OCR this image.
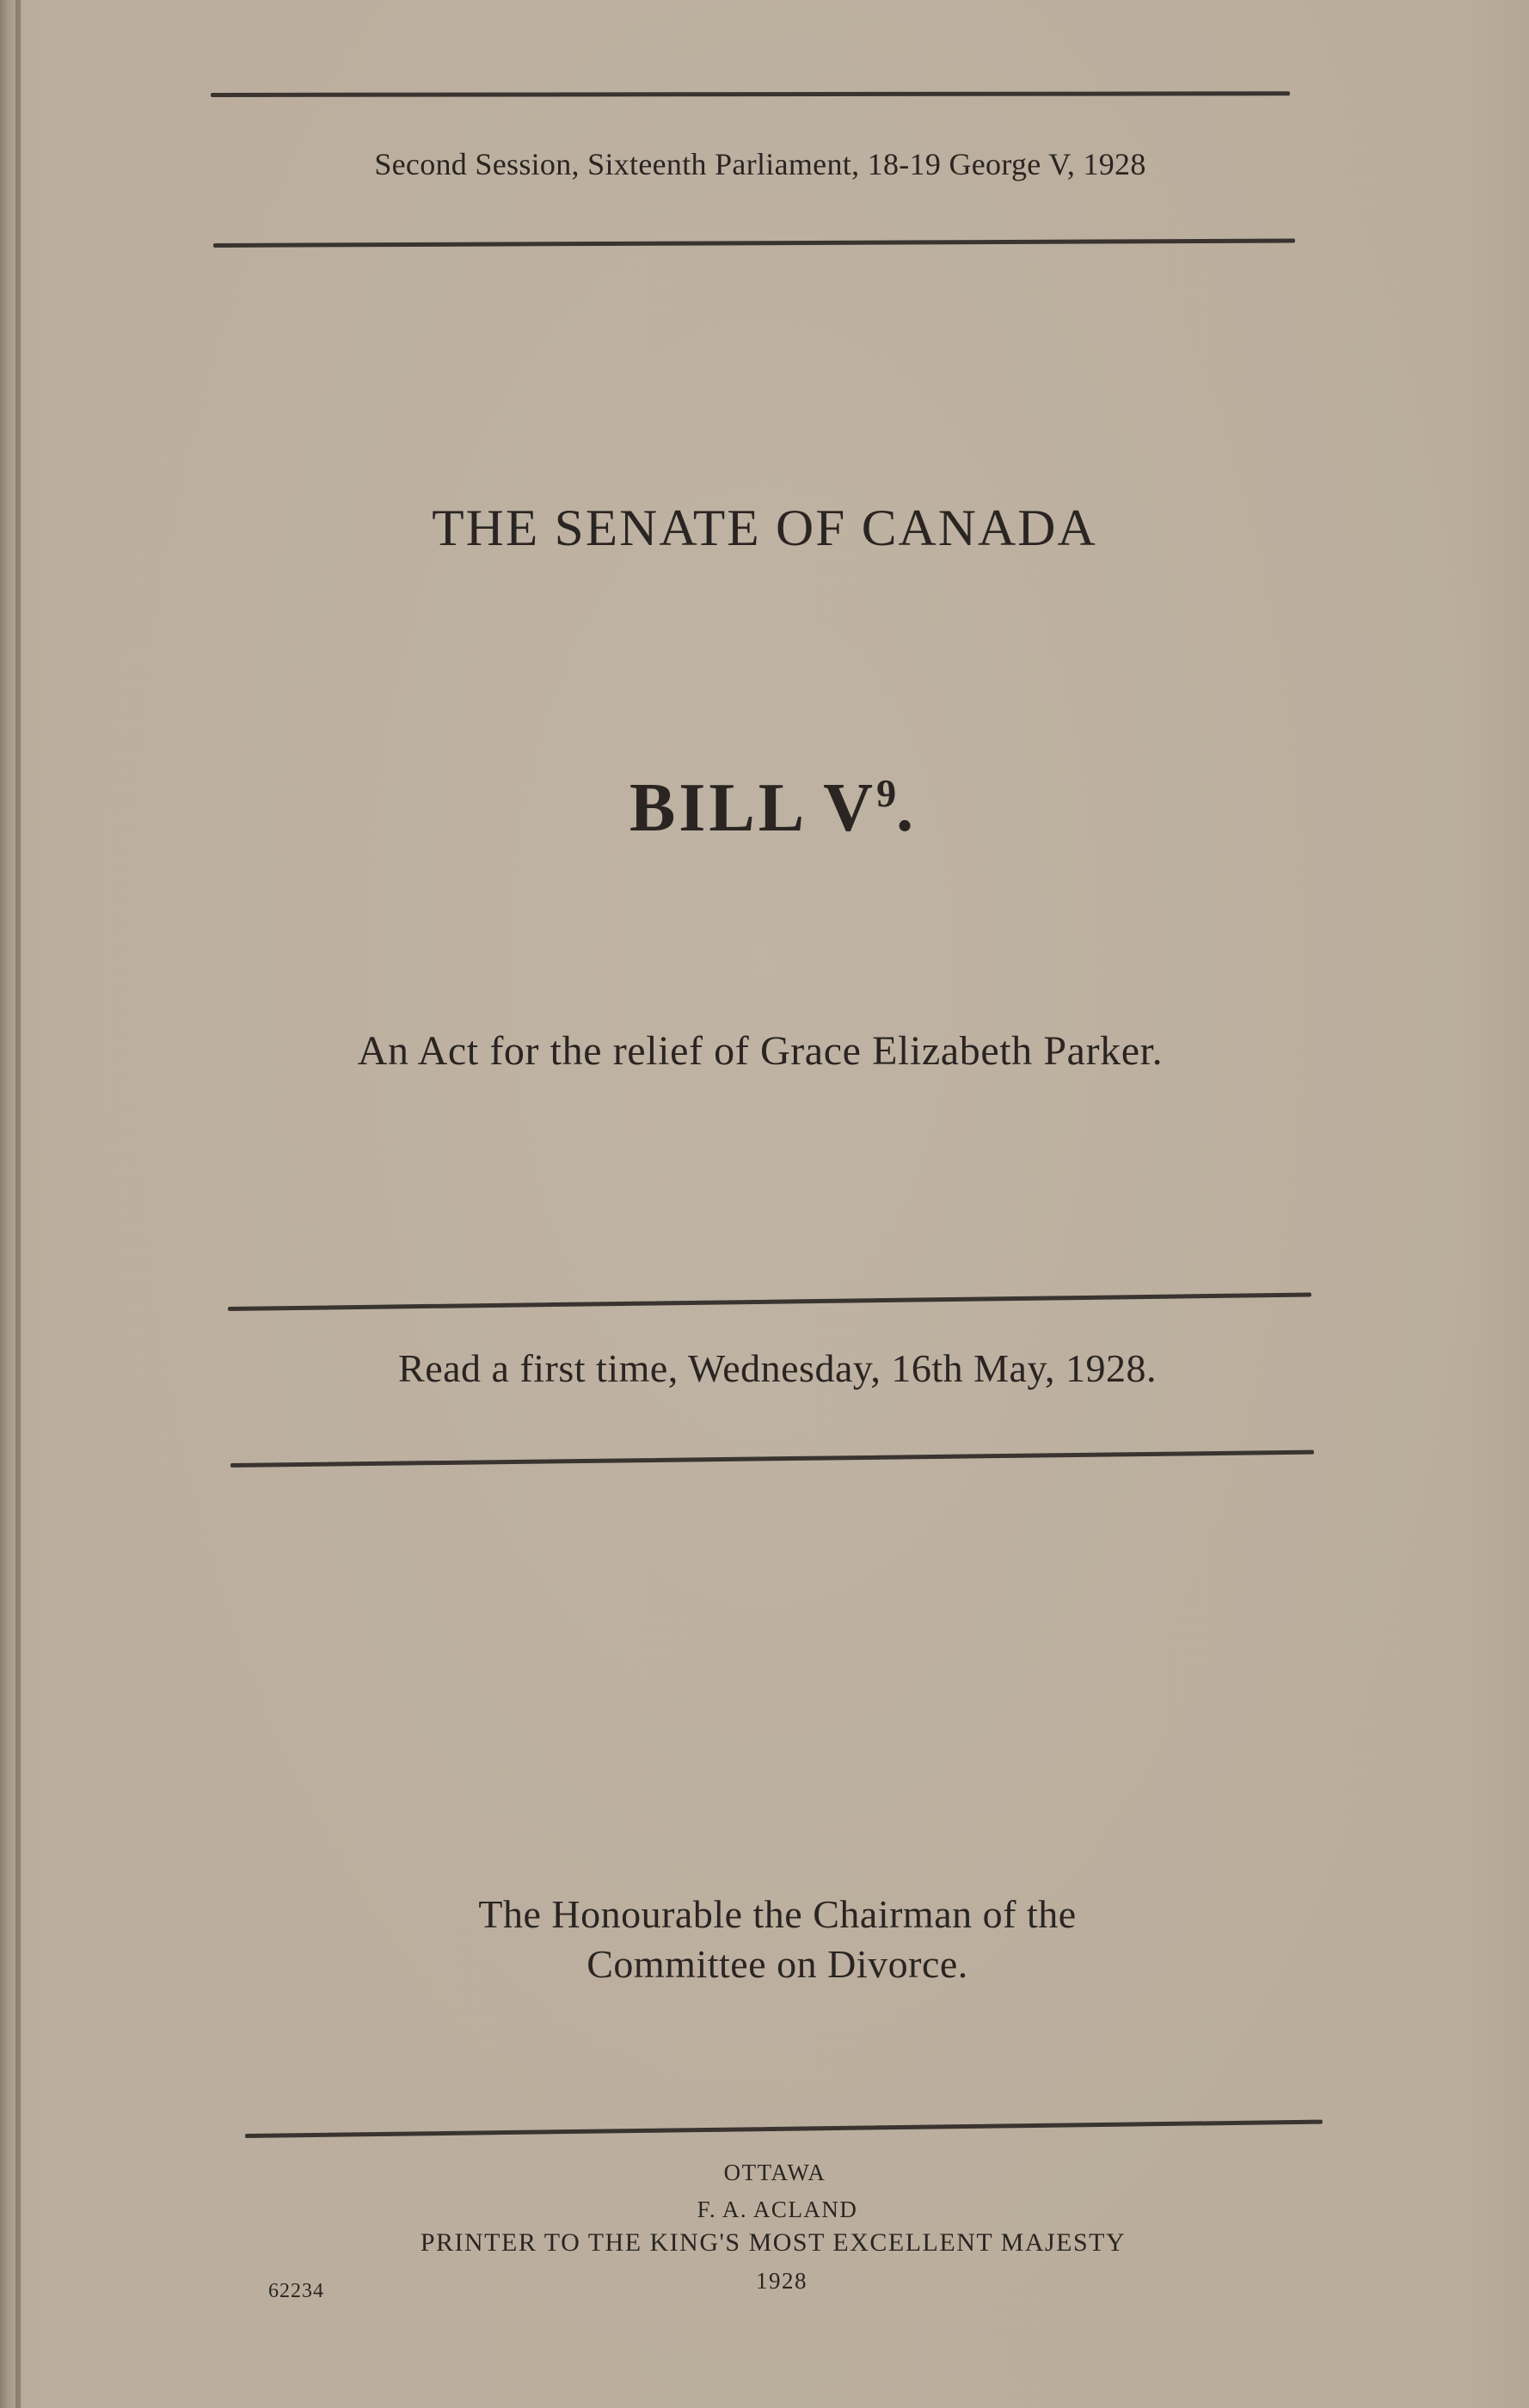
Second Session, Sixteenth Parliament, 18-19 George V, 1928
THE SENATE OF CANADA
BILL $V^9$.
An Act for the relief of Grace Elizabeth Parker.
Read a first time, Wednesday, 16th May, 1928.
The Honourable the Chairman of the
Committee on Divorce.
OTTAWA
F. A. ACLAND
PRINTER TO THE KING'S MOST EXCELLENT MAJESTY
1928
62234
